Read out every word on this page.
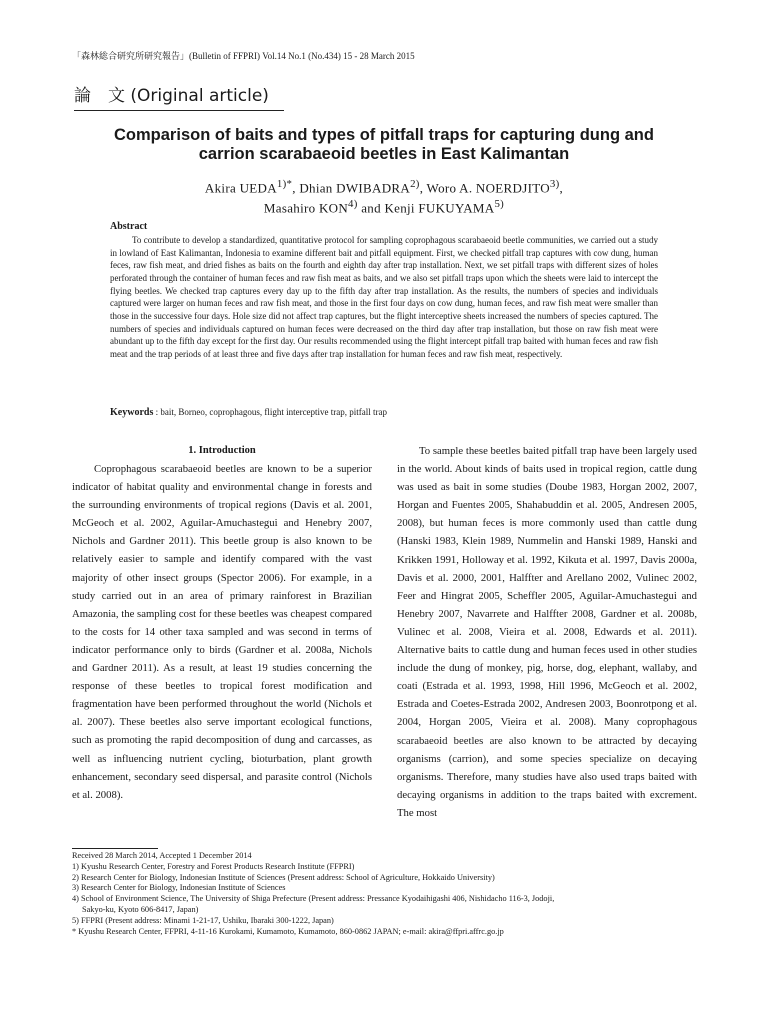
「森林総合研究所研究報告」(Bulletin of FFPRI) Vol.14 No.1 (No.434) 15 - 28 March 2015
論　文 (Original article)
Comparison of baits and types of pitfall traps for capturing dung and carrion scarabaeoid beetles in East Kalimantan
Akira $UEDA^{1)*}$, Dhian DWIBADRA$^{2)}$, Woro A. NOERDJITO$^{3)}$,
Masahiro KON$^{4)}$ and Kenji FUKUYAMA$^{5)}$
Abstract
To contribute to develop a standardized, quantitative protocol for sampling coprophagous scarabaeoid beetle communities, we carried out a study in lowland of East Kalimantan, Indonesia to examine different bait and pitfall equipment. First, we checked pitfall trap captures with cow dung, human feces, raw fish meat, and dried fishes as baits on the fourth and eighth day after trap installation. Next, we set pitfall traps with different sizes of holes perforated through the container of human feces and raw fish meat as baits, and we also set pitfall traps upon which the sheets were laid to intercept the flying beetles. We checked trap captures every day up to the fifth day after trap installation. As the results, the numbers of species and individuals captured were larger on human feces and raw fish meat, and those in the first four days on cow dung, human feces, and raw fish meat were smaller than those in the successive four days. Hole size did not affect trap captures, but the flight interceptive sheets increased the numbers of species captured. The numbers of species and individuals captured on human feces were decreased on the third day after trap installation, but those on raw fish meat were abundant up to the fifth day except for the first day. Our results recommended using the flight intercept pitfall trap baited with human feces and raw fish meat and the trap periods of at least three and five days after trap installation for human feces and raw fish meat, respectively.
Keywords : bait, Borneo, coprophagous, flight interceptive trap, pitfall trap
1. Introduction

Coprophagous scarabaeoid beetles are known to be a superior indicator of habitat quality and environmental change in forests and the surrounding environments of tropical regions (Davis et al. 2001, McGeoch et al. 2002, Aguilar-Amuchastegui and Henebry 2007, Nichols and Gardner 2011). This beetle group is also known to be relatively easier to sample and identify compared with the vast majority of other insect groups (Spector 2006). For example, in a study carried out in an area of primary rainforest in Brazilian Amazonia, the sampling cost for these beetles was cheapest compared to the costs for 14 other taxa sampled and was second in terms of indicator performance only to birds (Gardner et al. 2008a, Nichols and Gardner 2011). As a result, at least 19 studies concerning the response of these beetles to tropical forest modification and fragmentation have been performed throughout the world (Nichols et al. 2007). These beetles also serve important ecological functions, such as promoting the rapid decomposition of dung and carcasses, as well as influencing nutrient cycling, bioturbation, plant growth enhancement, secondary seed dispersal, and parasite control (Nichols et al. 2008).

To sample these beetles baited pitfall trap have been largely used in the world. About kinds of baits used in tropical region, cattle dung was used as bait in some studies (Doube 1983, Horgan 2002, 2007, Horgan and Fuentes 2005, Shahabuddin et al. 2005, Andresen 2005, 2008), but human feces is more commonly used than cattle dung (Hanski 1983, Klein 1989, Nummelin and Hanski 1989, Hanski and Krikken 1991, Holloway et al. 1992, Kikuta et al. 1997, Davis 2000a, Davis et al. 2000, 2001, Halffter and Arellano 2002, Vulinec 2002, Feer and Hingrat 2005, Scheffler 2005, Aguilar-Amuchastegui and Henebry 2007, Navarrete and Halffter 2008, Gardner et al. 2008b, Vulinec et al. 2008, Vieira et al. 2008, Edwards et al. 2011). Alternative baits to cattle dung and human feces used in other studies include the dung of monkey, pig, horse, dog, elephant, wallaby, and coati (Estrada et al. 1993, 1998, Hill 1996, McGeoch et al. 2002, Estrada and Coetes-Estrada 2002, Andresen 2003, Boonrotpong et al. 2004, Horgan 2005, Vieira et al. 2008). Many coprophagous scarabaeoid beetles are also known to be attracted by decaying organisms (carrion), and some species specialize on decaying organisms. Therefore, many studies have also used traps baited with decaying organisms in addition to the traps baited with excrement. The most

Received 28 March 2014, Accepted 1 December 2014
1) Kyushu Research Center, Forestry and Forest Products Research Institute (FFPRI)
2) Research Center for Biology, Indonesian Institute of Sciences (Present address: School of Agriculture, Hokkaido University)
3) Research Center for Biology, Indonesian Institute of Sciences
4) School of Environment Science, The University of Shiga Prefecture (Present address: Pressance Kyodaihigashi 406, Nishidacho 116-3, Jodoji,
Sakyo-ku, Kyoto 606-8417, Japan)
5) FFPRI (Present address: Minami 1-21-17, Ushiku, Ibaraki 300-1222, Japan)
* Kyushu Research Center, FFPRI, 4-11-16 Kurokami, Kumamoto, Kumamoto, 860-0862 JAPAN; e-mail: akira@ffpri.affrc.go.jp
